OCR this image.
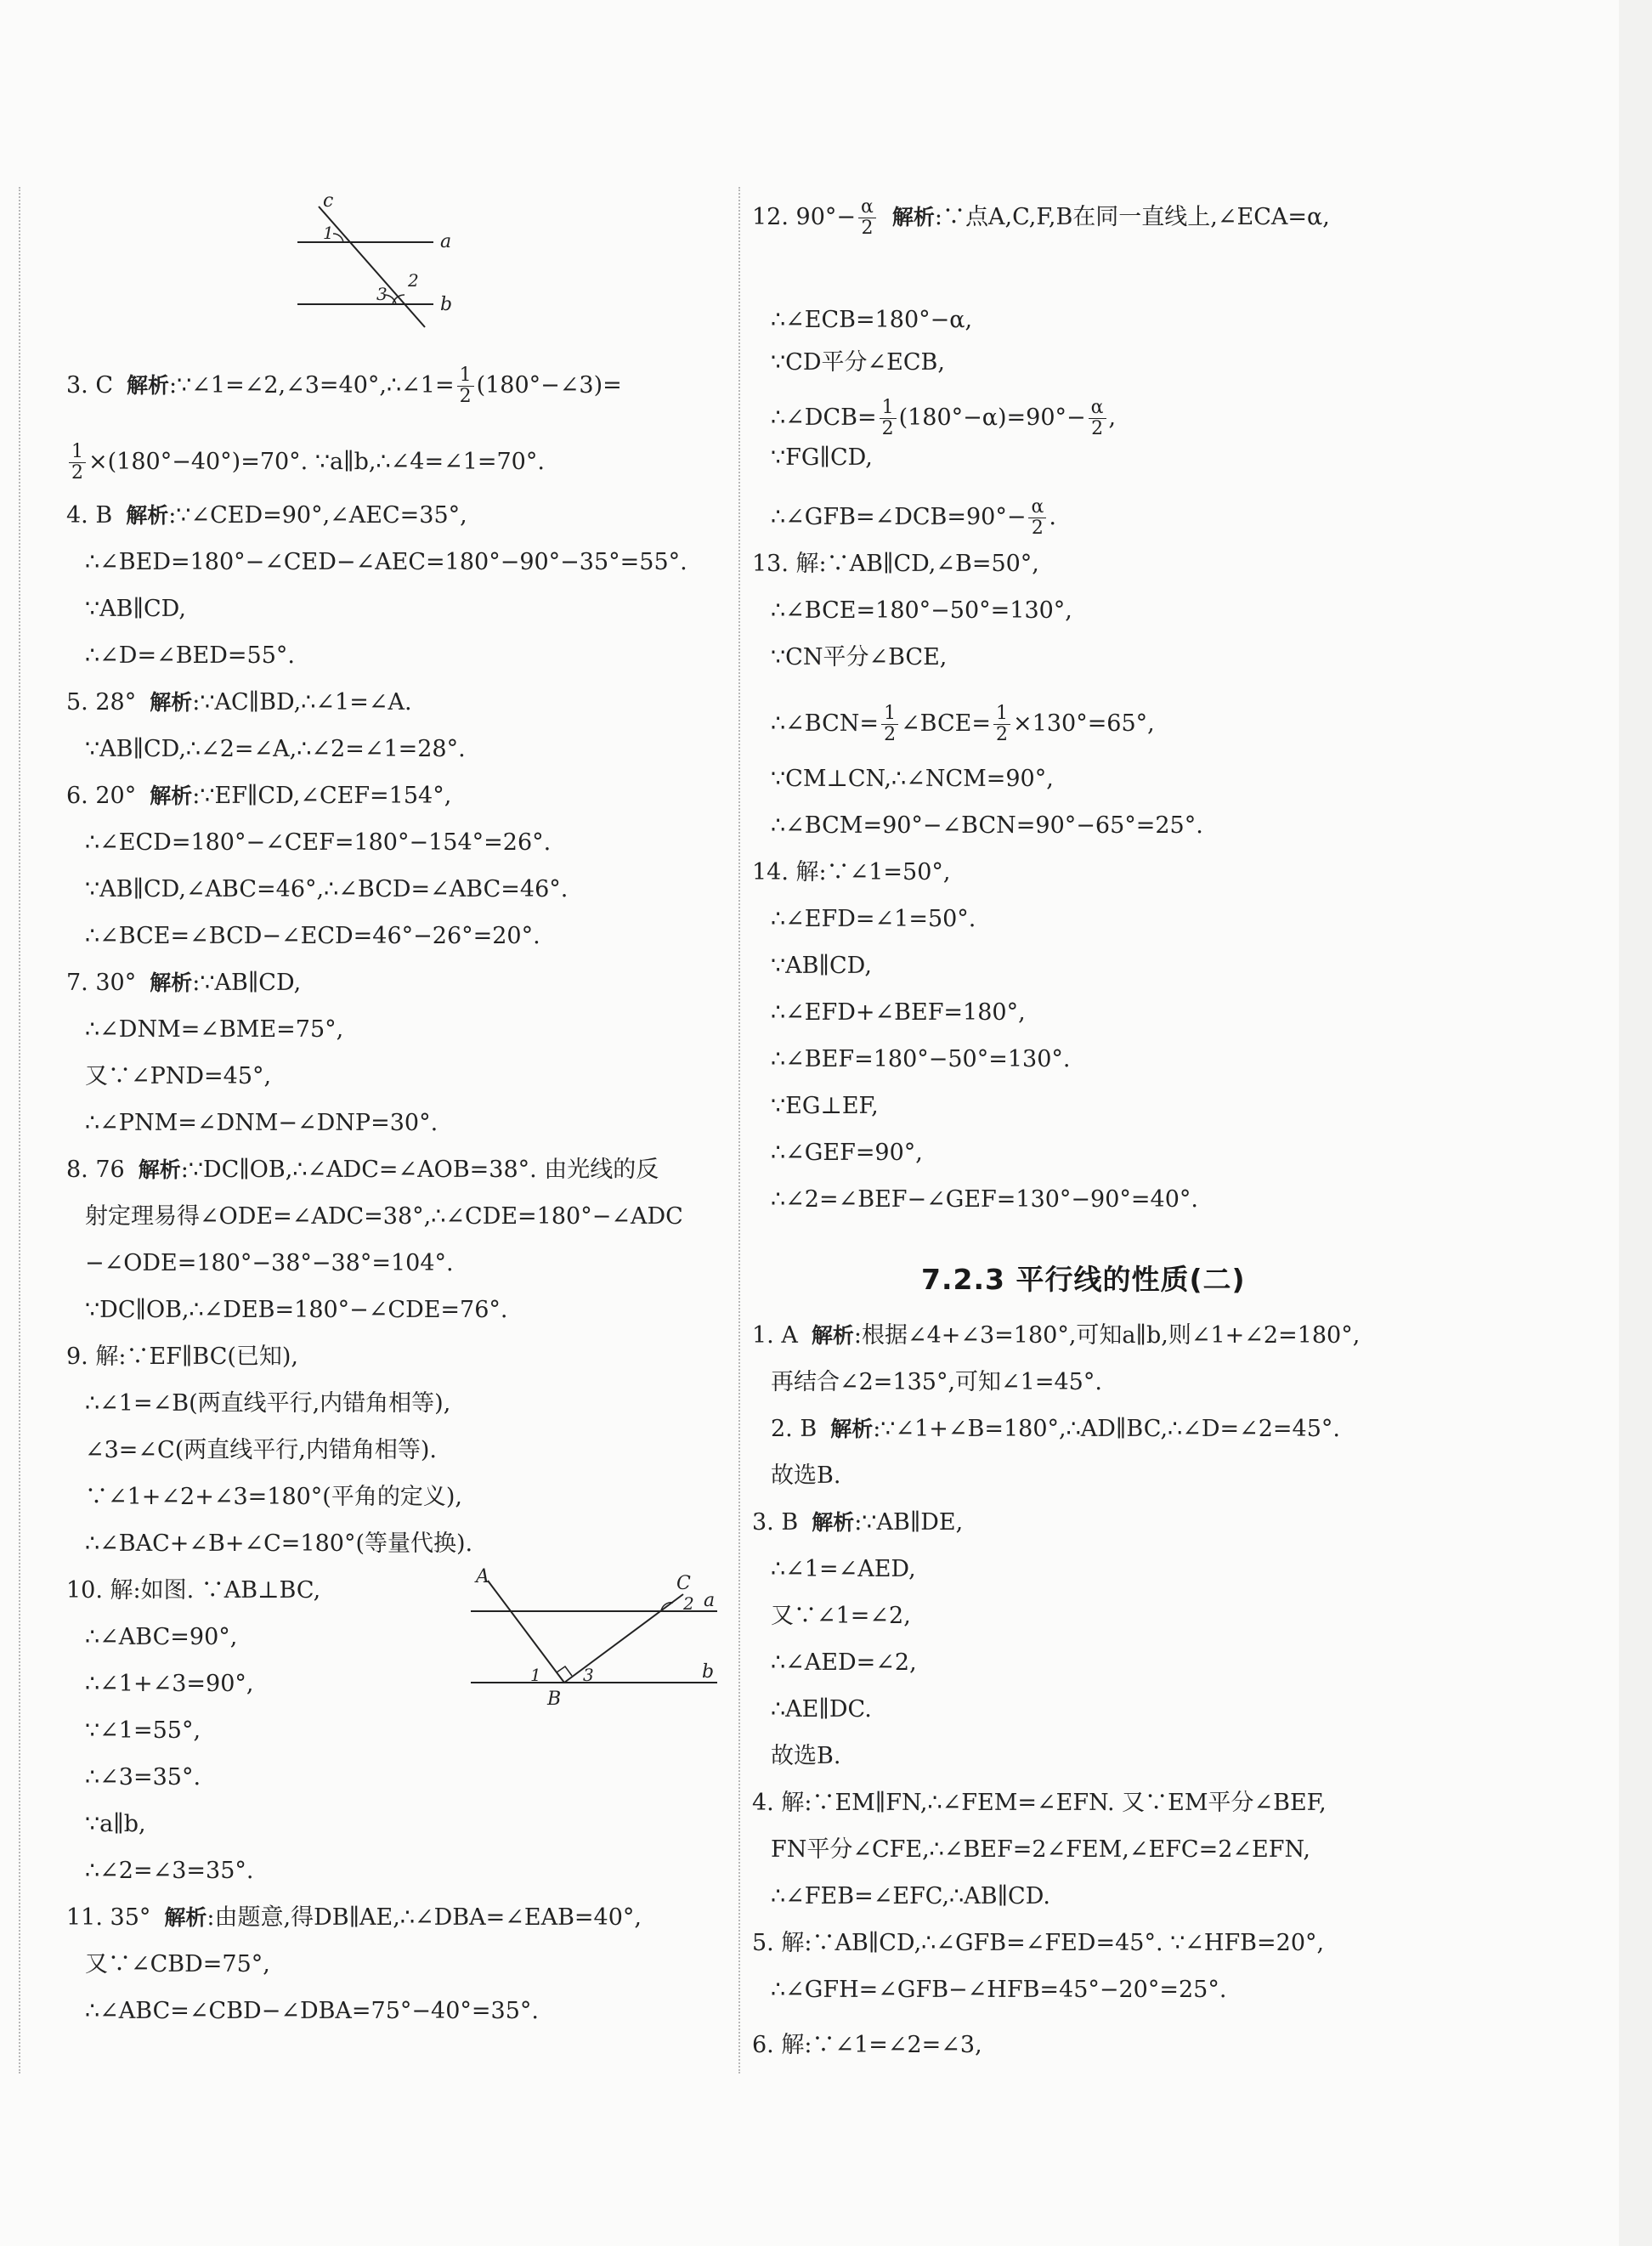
c
a
b
1
2
3
A	C
a
b
B
1 3
2
7.2.3 平行线的性质(二)
3. C 解析:∵∠1=∠2,∠3=40°,∴∠1= $\frac{1}{2}$ (180°−∠3)=
$\frac{1}{2} \times(180^\circ-40^\circ)=70^\circ$. ∵a∥b,∴∠4=∠1=70°.
4. B 解析:∵∠CED=90°,∠AEC=35°,
∴∠BED=180°−∠CED−∠AEC=180°−90°−35°=55°.
∵AB∥CD,
∴∠D=∠BED=55°.
5. 28° 解析:∵AC∥BD,∴∠1=∠A.
∵AB∥CD,∴∠2=∠A,∴∠2=∠1=28°.
6. 20° 解析:∵EF∥CD,∠CEF=154°,
∴∠ECD=180°−∠CEF=180°−154°=26°.
∵AB∥CD,∠ABC=46°,∴∠BCD=∠ABC=46°.
∴∠BCE=∠BCD−∠ECD=46°−26°=20°.
7. 30° 解析:∵AB∥CD,
∴∠DNM=∠BME=75°,
又∵∠PND=45°,
∴∠PNM=∠DNM−∠DNP=30°.
8. 76 解析:∵DC∥OB,∴∠ADC=∠AOB=38°. 由光线的反
射定理易得∠ODE=∠ADC=38°,∴∠CDE=180°−∠ADC
−∠ODE=180°−38°−38°=104°.
∵DC∥OB,∴∠DEB=180°−∠CDE=76°.
9. 解:∵EF∥BC(已知),
∴∠1=∠B(两直线平行,内错角相等),
∠3=∠C(两直线平行,内错角相等).
∵∠1+∠2+∠3=180°(平角的定义),
∴∠BAC+∠B+∠C=180°(等量代换).
10. 解:如图. ∵AB⊥BC,
∴∠ABC=90°,
∴∠1+∠3=90°,
∵∠1=55°,
∴∠3=35°.
∵a∥b,
∴∠2=∠3=35°.
11. 35° 解析:由题意,得DB∥AE,∴∠DBA=∠EAB=40°,
又∵∠CBD=75°,
∴∠ABC=∠CBD−∠DBA=75°−40°=35°.
12. $90^\circ- \frac{\alpha}{2}$ 解析:∵点A,C,F,B在同一直线上,∠ECA=α,
∴∠ECB=180°−α,
∵CD平分∠ECB,
∴∠DCB= $\frac{1}{2} (180^\circ-\alpha)=90^\circ- \frac{\alpha}{2}$ ,
∵FG∥CD,
∴∠GFB=∠DCB=90°− $\frac{\alpha}{2}$ .
13. 解:∵AB∥CD,∠B=50°,
∴∠BCE=180°−50°=130°,
∵CN平分∠BCE,
∴∠BCN= $\frac{1}{2}$ ∠BCE= $\frac{1}{2} \times 130^\circ=65^\circ$,
∵CM⊥CN,∴∠NCM=90°,
∴∠BCM=90°−∠BCN=90°−65°=25°.
14. 解:∵∠1=50°,
∴∠EFD=∠1=50°.
∵AB∥CD,
∴∠EFD+∠BEF=180°,
∴∠BEF=180°−50°=130°.
∵EG⊥EF,
∴∠GEF=90°,
∴∠2=∠BEF−∠GEF=130°−90°=40°.
1. A 解析:根据∠4+∠3=180°,可知a∥b,则∠1+∠2=180°,
再结合∠2=135°,可知∠1=45°.
2. B 解析:∵∠1+∠B=180°,∴AD∥BC,∴∠D=∠2=45°.
故选B.
3. B 解析:∵AB∥DE,
∴∠1=∠AED,
又∵∠1=∠2,
∴∠AED=∠2,
∴AE∥DC.
故选B.
4. 解:∵EM∥FN,∴∠FEM=∠EFN. 又∵EM平分∠BEF,
FN平分∠CFE,∴∠BEF=2∠FEM,∠EFC=2∠EFN,
∴∠FEB=∠EFC,∴AB∥CD.
5. 解:∵AB∥CD,∴∠GFB=∠FED=45°. ∵∠HFB=20°,
∴∠GFH=∠GFB−∠HFB=45°−20°=25°.
6. 解:∵∠1=∠2=∠3,
